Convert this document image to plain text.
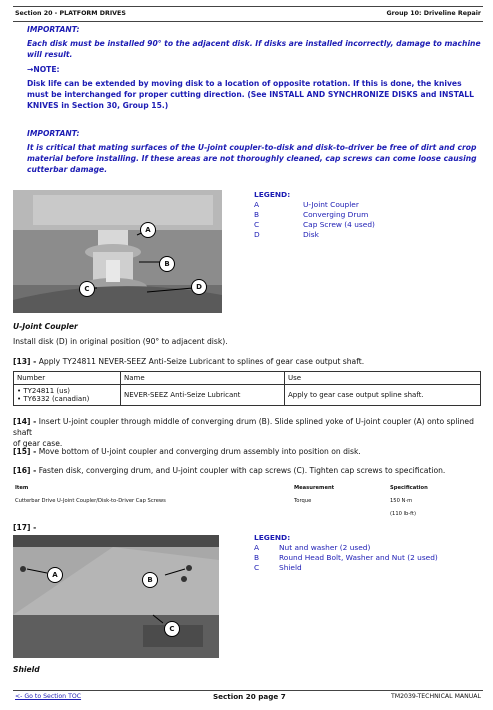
Section 20 - PLATFORM DRIVES	Group 10: Driveline Repair
IMPORTANT:
Each disk must be installed 90° to the adjacent disk. If disks are installed incorrectly, damage to machine
will result.
→NOTE:
Disk life can be extended by moving disk to a location of opposite rotation. If this is done, the knives
must be interchanged for proper cutting direction. (See INSTALL AND SYNCHRONIZE DISKS and INSTALL
KNIVES in Section 30, Group 15.)
IMPORTANT:
It is critical that mating surfaces of the U-joint coupler-to-disk and disk-to-driver be free of dirt and crop
material before installing. If these areas are not thoroughly cleaned, cap screws can come loose causing
cutterbar damage.
A
B
C	D
LEGEND:
A	U-Joint Coupler
B	Converging Drum
C	Cap Screw (4 used)
D	Disk
U-Joint Coupler
Install disk (D) in original position (90° to adjacent disk).
[13] - Apply TY24811 NEVER-SEEZ Anti-Seize Lubricant to splines of gear case output shaft.
Number	Name	Use

• TY24811 (us)
• TY6332 (canadian)	NEVER-SEEZ Anti-Seize Lubricant	Apply to gear case output spline shaft.
[14] - Insert U-joint coupler through middle of converging drum (B). Slide splined yoke of U-joint coupler (A) onto splined shaft
of gear case.
[15] - Move bottom of U-joint coupler and converging drum assembly into position on disk.
[16] - Fasten disk, converging drum, and U-joint coupler with cap screws (C). Tighten cap screws to specification.
Item	Measurement	Specification
Cutterbar Drive U-Joint Coupler/Disk-to-Driver Cap Screws	Torque	150 N·m
		(110 lb-ft)
[17] -
A
B
C
LEGEND:
A	Nut and washer (2 used)
B	Round Head Bolt, Washer and Nut (2 used)
C	Shield
Shield
<- Go to Section TOC	Section 20 page 7	TM2039-TECHNICAL MANUAL
